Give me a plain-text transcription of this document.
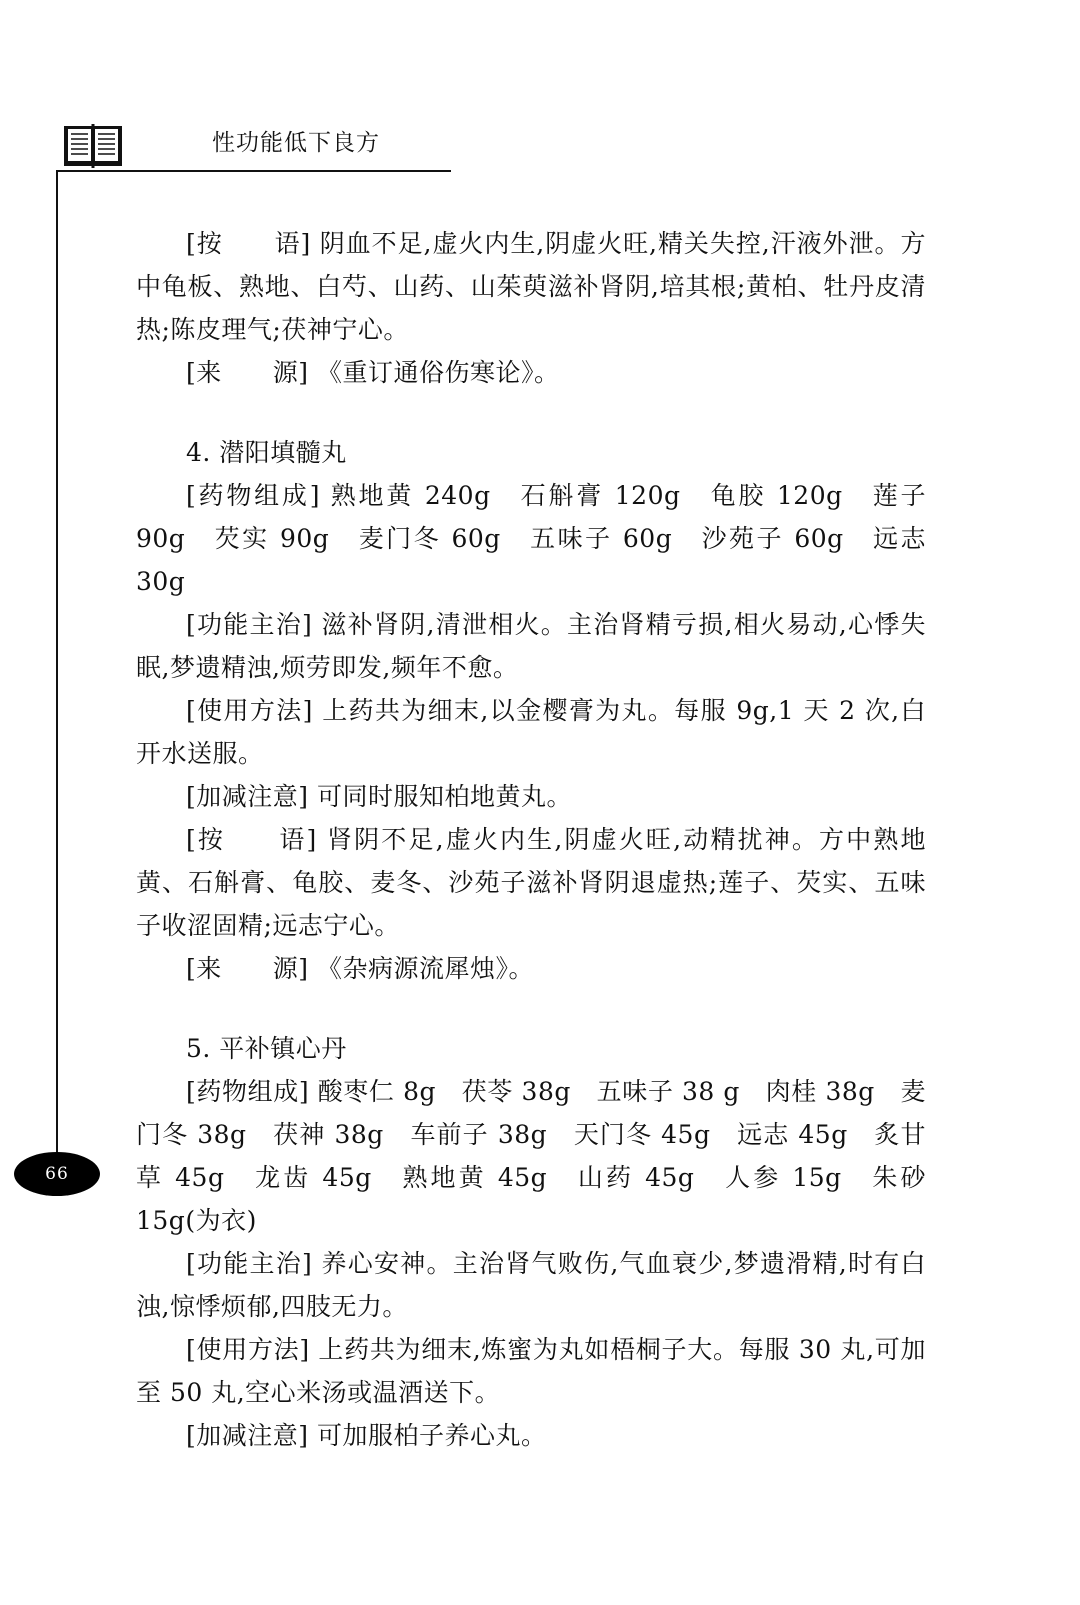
性功能低下良方
66

[按　　语] 阴血不足,虚火内生,阴虚火旺,精关失控,汗液外泄。方中龟板、熟地、白芍、山药、山茱萸滋补肾阴,培其根;黄柏、牡丹皮清热;陈皮理气;茯神宁心。

[来　　源] 《重订通俗伤寒论》。

4. 潜阳填髓丸

[药物组成] 熟地黄 240g　石斛膏 120g　龟胶 120g　莲子 90g　芡实 90g　麦门冬 60g　五味子 60g　沙苑子 60g　远志 30g

[功能主治] 滋补肾阴,清泄相火。主治肾精亏损,相火易动,心悸失眠,梦遗精浊,烦劳即发,频年不愈。

[使用方法] 上药共为细末,以金樱膏为丸。每服 9g,1 天 2 次,白开水送服。

[加减注意] 可同时服知柏地黄丸。

[按　　语] 肾阴不足,虚火内生,阴虚火旺,动精扰神。方中熟地黄、石斛膏、龟胶、麦冬、沙苑子滋补肾阴退虚热;莲子、芡实、五味子收涩固精;远志宁心。

[来　　源] 《杂病源流犀烛》。

5. 平补镇心丹

[药物组成] 酸枣仁 8g　茯苓 38g　五味子 38 g　肉桂 38g　麦门冬 38g　茯神 38g　车前子 38g　天门冬 45g　远志 45g　炙甘草 45g　龙齿 45g　熟地黄 45g　山药 45g　人参 15g　朱砂 15g(为衣)

[功能主治] 养心安神。主治肾气败伤,气血衰少,梦遗滑精,时有白浊,惊悸烦郁,四肢无力。

[使用方法] 上药共为细末,炼蜜为丸如梧桐子大。每服 30 丸,可加至 50 丸,空心米汤或温酒送下。

[加减注意] 可加服柏子养心丸。
